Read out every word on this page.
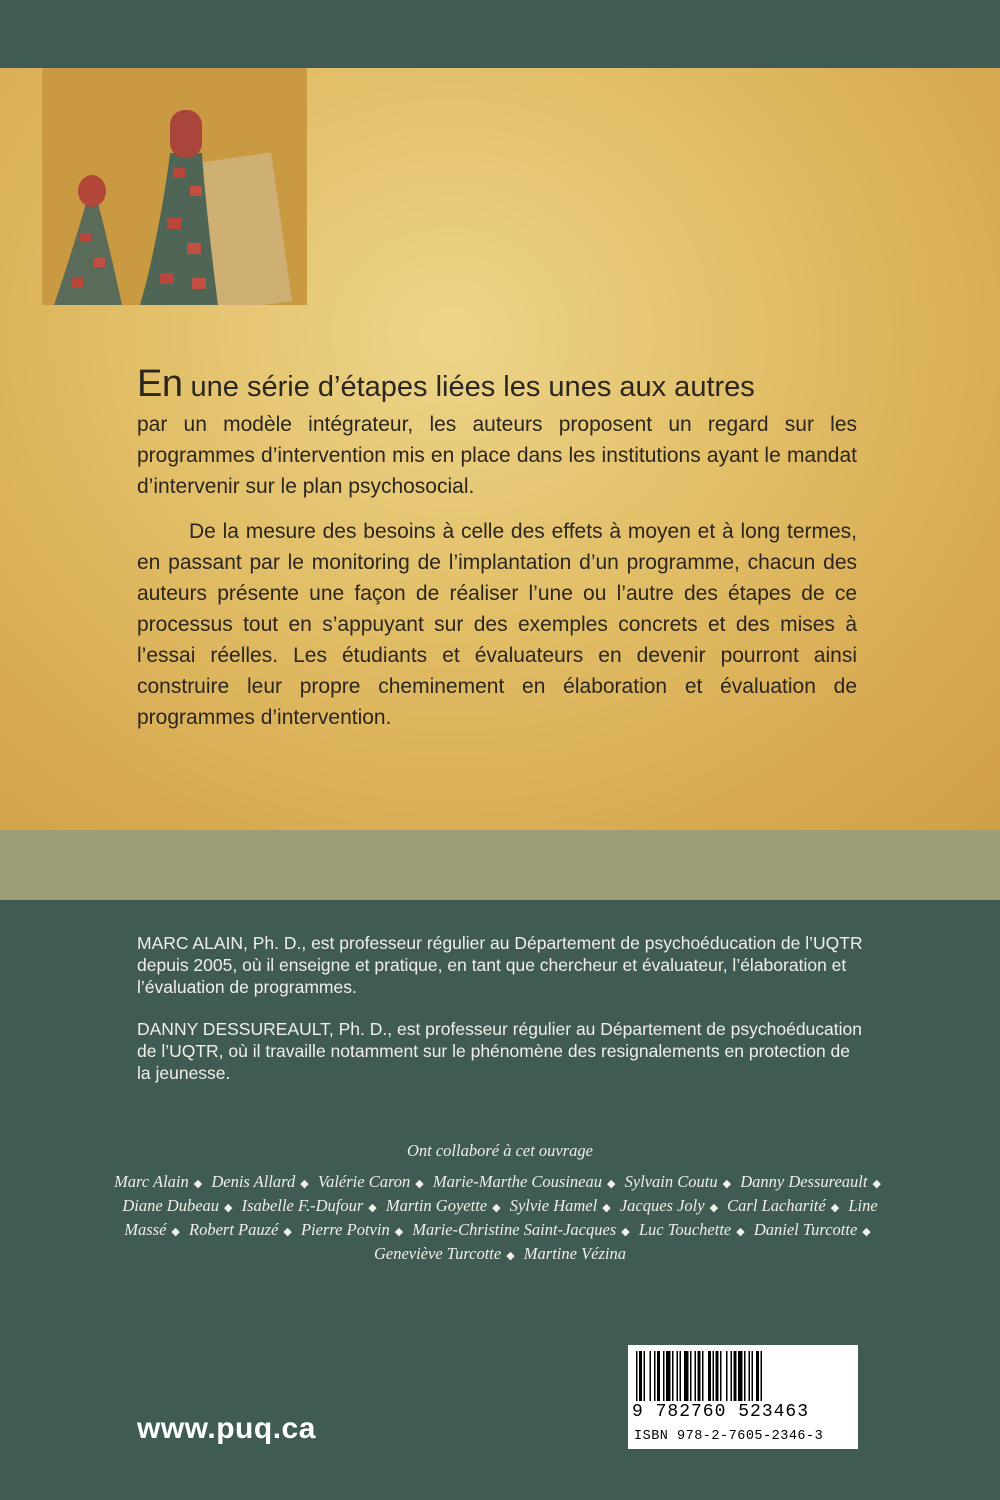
En une série d’étapes liées les unes aux autres
par un modèle intégrateur, les auteurs proposent un regard sur les programmes d’intervention mis en place dans les institutions ayant le mandat d’intervenir sur le plan psychosocial.

De la mesure des besoins à celle des effets à moyen et à long termes, en passant par le monitoring de l’implantation d’un programme, chacun des auteurs présente une façon de réaliser l’une ou l’autre des étapes de ce processus tout en s’appuyant sur des exemples concrets et des mises à l’essai réelles. Les étudiants et évaluateurs en devenir pourront ainsi construire leur propre cheminement en élaboration et évaluation de programmes d’intervention.

MARC ALAIN, Ph. D., est professeur régulier au Département de psychoéducation de l’UQTR depuis 2005, où il enseigne et pratique, en tant que chercheur et évaluateur, l’élaboration et l’évaluation de programmes.

DANNY DESSUREAULT, Ph. D., est professeur régulier au Département de psychoéducation de l’UQTR, où il travaille notamment sur le phénomène des resignalements en protection de la jeunesse.

Ont collaboré à cet ouvrage
Marc Alain ◆ Denis Allard ◆ Valérie Caron ◆ Marie-Marthe Cousineau ◆ Sylvain Coutu ◆ Danny Dessureault ◆ Diane Dubeau ◆ Isabelle F.-Dufour ◆ Martin Goyette ◆ Sylvie Hamel ◆ Jacques Joly ◆ Carl Lacharité ◆ Line Massé ◆ Robert Pauzé ◆ Pierre Potvin ◆ Marie-Christine Saint-Jacques ◆ Luc Touchette ◆ Daniel Turcotte ◆ Geneviève Turcotte ◆ Martine Vézina
www.puq.ca	9 782760 523463
ISBN 978-2-7605-2346-3
